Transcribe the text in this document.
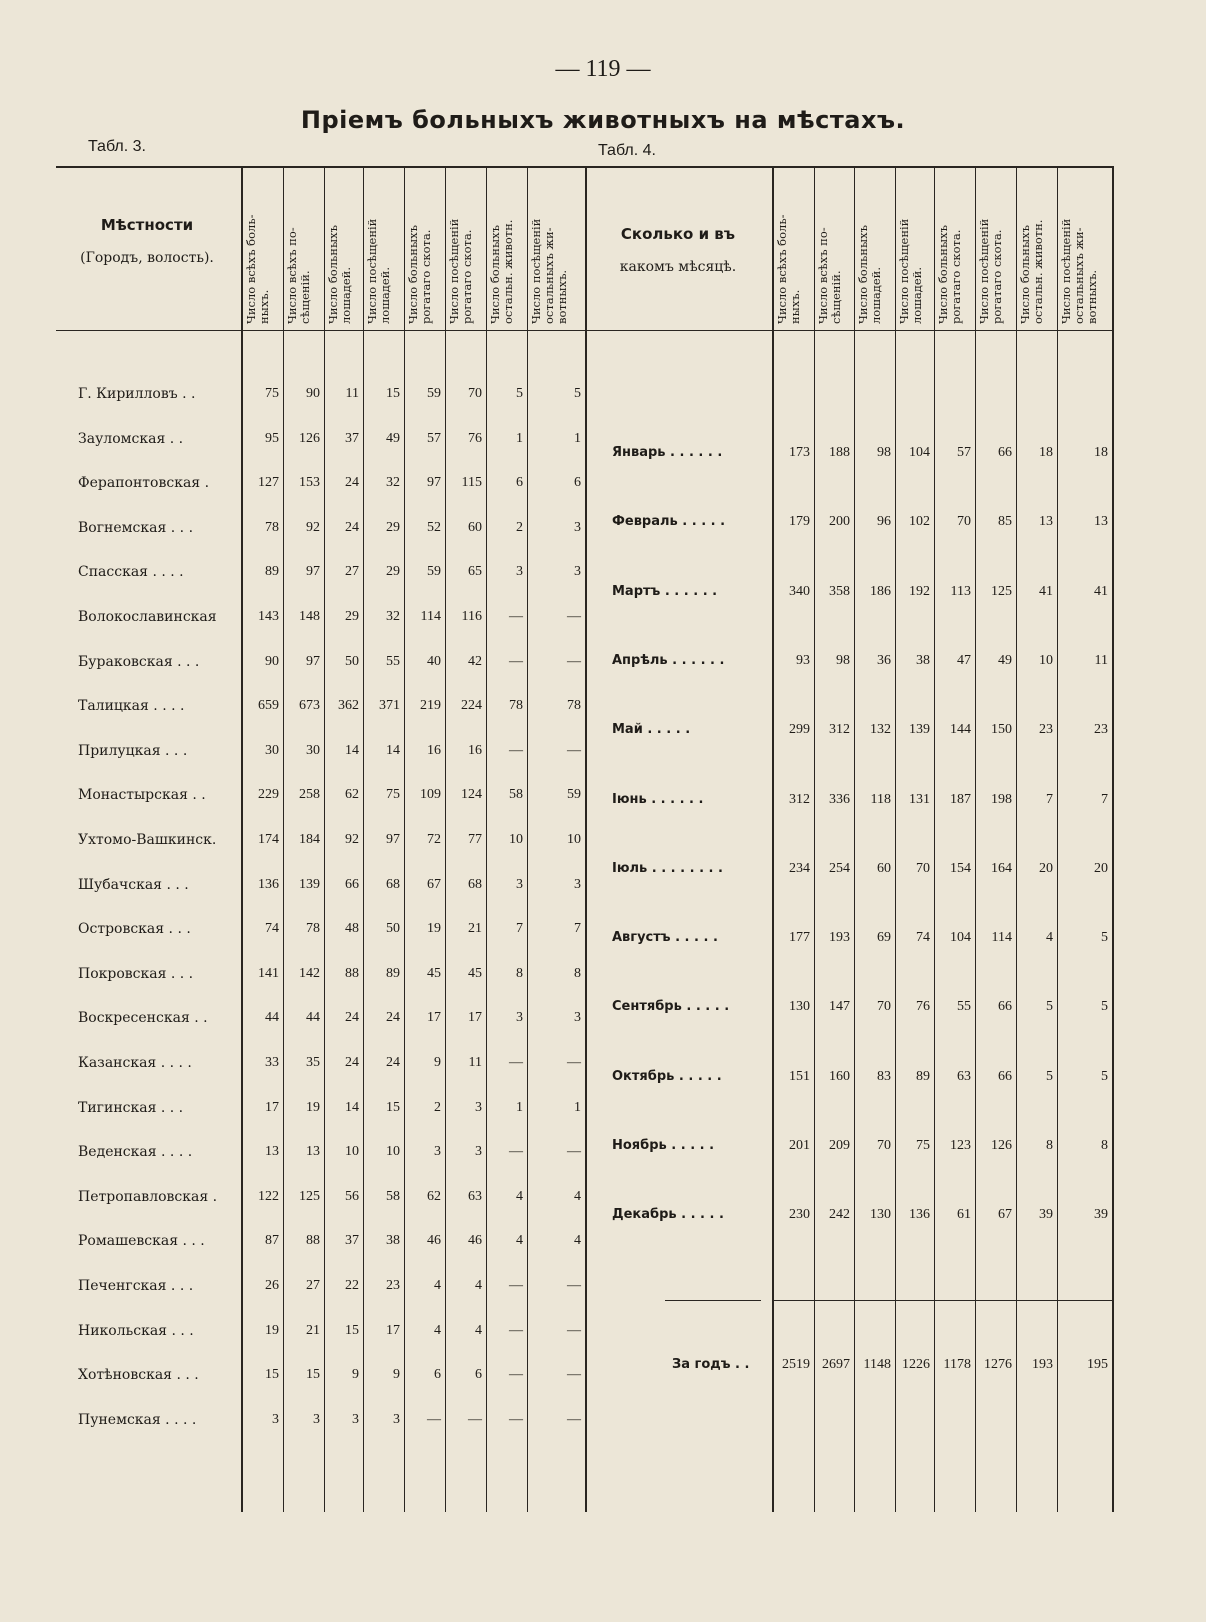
— 119 —
Пріемъ больныхъ животныхъ на мѣстахъ.
Табл. 3.	Табл. 4.
Мѣстности
(Городъ, волость).
Число всѣхъ боль-
ныхъ.	Число всѣхъ по-
сѣщеній.	Число больныхъ
лошадей.	Число посѣщеній
лошадей.	Число больныхъ
рогатаго скота.
Число посѣщеній
рогатаго скота.
Число больныхъ
остальн. животн.
Число посѣщеній
остальныхъ жи-
вотныхъ.
Г. Кирилловъ . .	75	90	11	15	59	70	5	5
Зауломская . .	95	126	37	49	57	76	1	1
Ферапонтовская .	127	153	24	32	97	115	6	6
Вогнемская . . .	78	92	24	29	52	60	2	3
Спасская . . . .	89	97	27	29	59	65	3	3
Волокославинская	143	148	29	32	114	116	—	—
Бураковская . . .	90	97	50	55	40	42	—	—
Талицкая . . . .	659	673	362	371	219	224	78	78
Прилуцкая . . .	30	30	14	14	16	16	—	—
Монастырская . .	229	258	62	75	109	124	58	59
Ухтомо-Вашкинск.	174	184	92	97	72	77	10	10
Шубачская . . .	136	139	66	68	67	68	3	3
Островская . . .	74	78	48	50	19	21	7	7
Покровская . . .	141	142	88	89	45	45	8	8
Воскресенская . .	44	44	24	24	17	17	3	3
Казанская . . . .	33	35	24	24	9	11	—	—
Тигинская . . .	17	19	14	15	2	3	1	1
Веденская . . . .	13	13	10	10	3	3	—	—
Петропавловская .	122	125	56	58	62	63	4	4
Ромашевская . . .	87	88	37	38	46	46	4	4
Печенгская . . .	26	27	22	23	4	4	—	—
Никольская . . .	19	21	15	17	4	4	—	—
Хотѣновская . . .	15	15	9	9	6	6	—	—
Пунемская . . . .	3	3	3	3	—	—	—	—
Сколько и въ
какомъ мѣсяцѣ.
Число всѣхъ боль-
ныхъ.	Число всѣхъ по-
сѣщеній.	Число больныхъ
лошадей.	Число посѣщеній
лошадей.	Число больныхъ
рогатаго скота.
Число посѣщеній
рогатаго скота.
Число больныхъ
остальн. животн.
Число посѣщеній
остальныхъ жи-
вотныхъ.
Январь . . . . . .	173	188	98	104	57	66	18	18
Февраль . . . . .	179	200	96	102	70	85	13	13
Мартъ . . . . . .	340	358	186	192	113	125	41	41
Апрѣль . . . . . .	93	98	36	38	47	49	10	11
Май . . . . .	299	312	132	139	144	150	23	23
Іюнь . . . . . .	312	336	118	131	187	198	7	7
Іюль . . . . . . . .	234	254	60	70	154	164	20	20
Августъ . . . . .	177	193	69	74	104	114	4	5
Сентябрь . . . . .	130	147	70	76	55	66	5	5
Октябрь . . . . .	151	160	83	89	63	66	5	5
Ноябрь . . . . .	201	209	70	75	123	126	8	8
Декабрь . . . . .	230	242	130	136	61	67	39	39
За годъ . .	2519 2697 1148 1226 1178 1276	193	195
